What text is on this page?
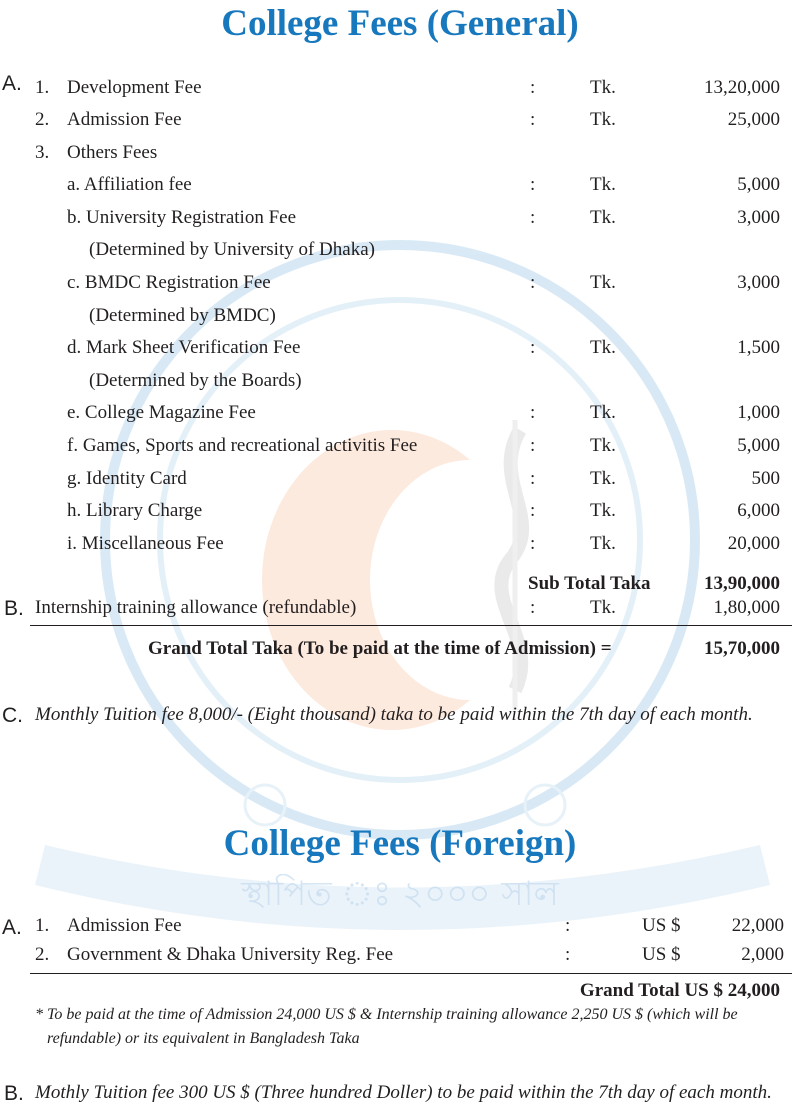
স্থাপিত ঃ ২০০০ সাল
College Fees (General)
A. 1. Development Fee	:	Tk.	13,20,000
2. Admission Fee	:	Tk.	25,000
3. Others Fees
a. Affiliation fee	:	Tk.	5,000
b. University Registration Fee	:	Tk.	3,000
(Determined by University of Dhaka)
c. BMDC Registration Fee	:	Tk.	3,000
(Determined by BMDC)
d. Mark Sheet Verification Fee	:	Tk.	1,500
(Determined by the Boards)
e. College Magazine Fee	:	Tk.	1,000
f. Games, Sports and recreational activitis Fee	:	Tk.	5,000
g. Identity Card	:	Tk.	500
h. Library Charge	:	Tk.	6,000
i. Miscellaneous Fee	:	Tk.	20,000
Sub Total Taka	13,90,000
B. Internship training allowance (refundable)	:	Tk.	1,80,000
Grand Total Taka (To be paid at the time of Admission) =	15,70,000
C. Monthly Tuition fee 8,000/- (Eight thousand) taka to be paid within the 7th day of each month.
College Fees (Foreign)
A. 1. Admission Fee	:	US $	22,000
2. Government & Dhaka University Reg. Fee	:	US $	2,000
Grand Total US $ 24,000
* To be paid at the time of Admission 24,000 US $ & Internship training allowance 2,250 US $ (which will be
refundable) or its equivalent in Bangladesh Taka
B. Mothly Tuition fee 300 US $ (Three hundred Doller) to be paid within the 7th day of each month.
